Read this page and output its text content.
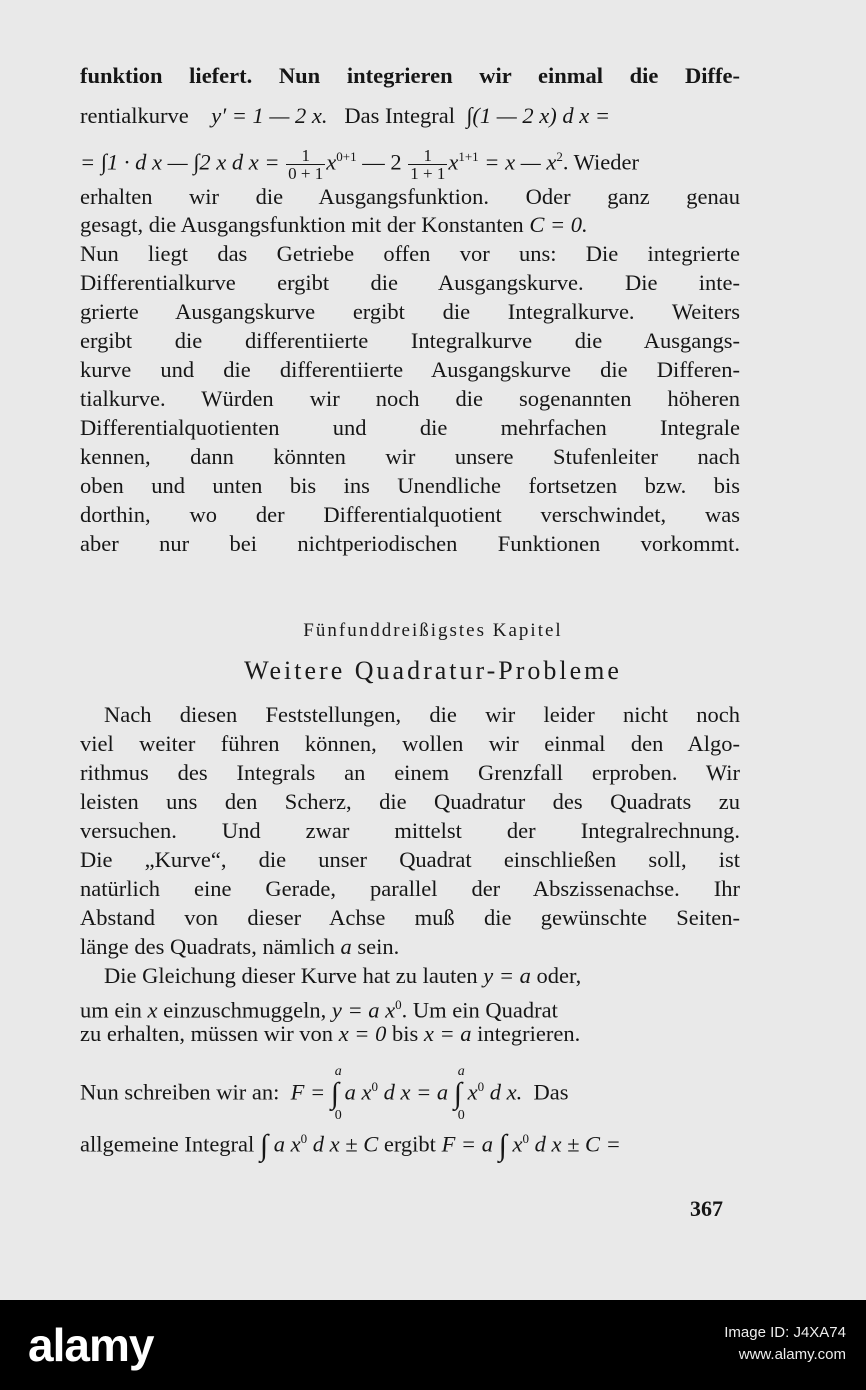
funktion liefert. Nun integrieren wir einmal die Diffe-
rentialkurve y′ = 1 — 2 x. Das Integral ∫(1 — 2 x) d x =
= ∫1 · d x — ∫2 x d $x = \frac{1}{0 + 1} x^{0+1}$ — $2 \frac{1}{1 + 1} x^{1+1} = x$ — $x^2$. Wieder
erhalten wir die Ausgangsfunktion. Oder ganz genau
gesagt, die Ausgangsfunktion mit der Konstanten C = 0.
Nun liegt das Getriebe offen vor uns: Die integrierte
Differentialkurve ergibt die Ausgangskurve. Die inte-
grierte Ausgangskurve ergibt die Integralkurve. Weiters
ergibt die differentiierte Integralkurve die Ausgangs-
kurve und die differentiierte Ausgangskurve die Differen-
tialkurve. Würden wir noch die sogenannten höheren
Differentialquotienten und die mehrfachen Integrale
kennen, dann könnten wir unsere Stufenleiter nach
oben und unten bis ins Unendliche fortsetzen bzw. bis
dorthin, wo der Differentialquotient verschwindet, was
aber nur bei nichtperiodischen Funktionen vorkommt.
Fünfunddreißigstes Kapitel
Weitere Quadratur-Probleme
Nach diesen Feststellungen, die wir leider nicht noch
viel weiter führen können, wollen wir einmal den Algo-
rithmus des Integrals an einem Grenzfall erproben. Wir
leisten uns den Scherz, die Quadratur des Quadrats zu
versuchen. Und zwar mittelst der Integralrechnung.
Die „Kurve“, die unser Quadrat einschließen soll, ist
natürlich eine Gerade, parallel der Abszissenachse. Ihr
Abstand von dieser Achse muß die gewünschte Seiten-
länge des Quadrats, nämlich a sein.
Die Gleichung dieser Kurve hat zu lauten y = a oder,
um ein x einzuschmuggeln, y = a $x^0$. Um ein Quadrat
zu erhalten, müssen wir von x = 0 bis x = a integrieren.
Nun schreiben wir an: F = ∫
a
0
a $x^0$ d x = a ∫
a
0
$x^0$ d x. Das
allgemeine Integral ∫ a $x^0$ d x ± C ergibt F = a ∫ $x^0$ d x ± C =
367
alamy	Image ID: J4XA74
www.alamy.com
